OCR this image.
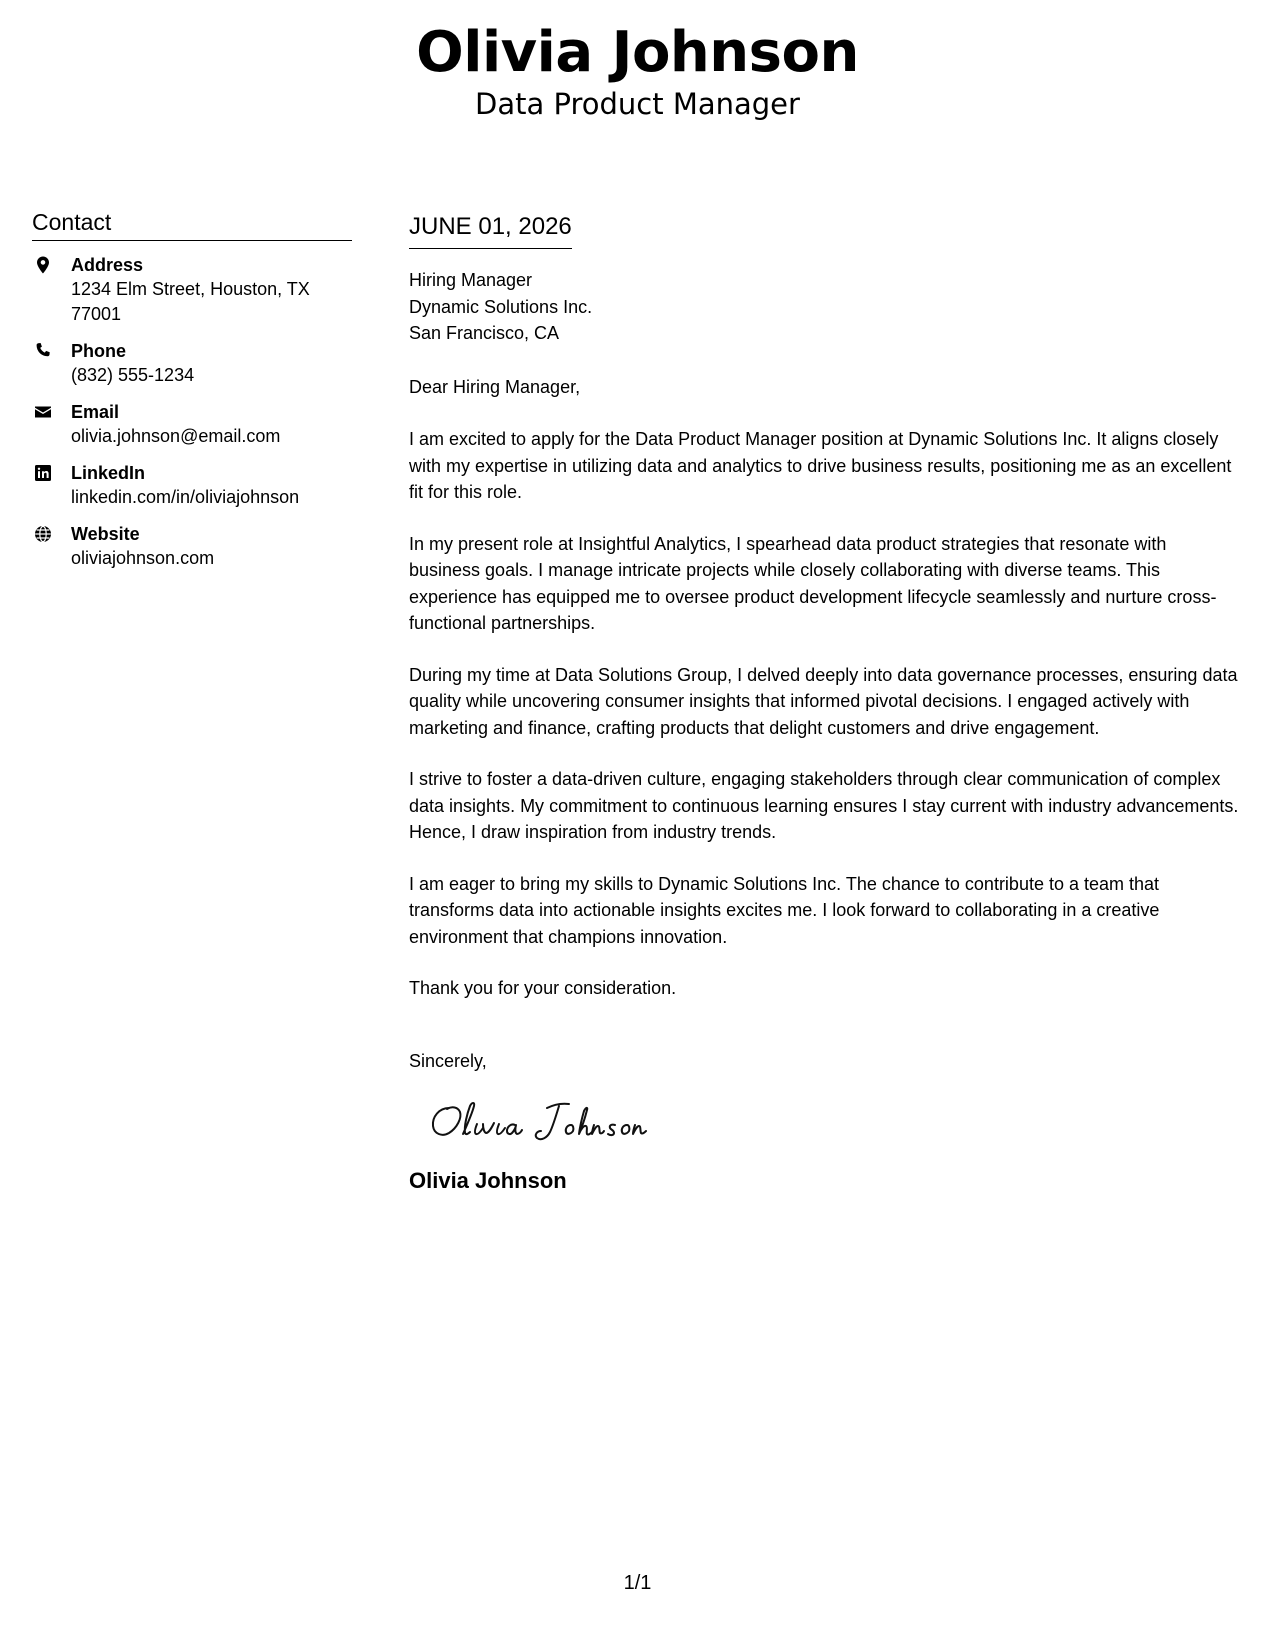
Olivia Johnson
Data Product Manager
Contact
Address
1234 Elm Street, Houston, TX 77001
Phone
(832) 555-1234
Email
olivia.johnson@email.com
LinkedIn
linkedin.com/in/oliviajohnson
Website
oliviajohnson.com
JUNE 01, 2026
Hiring Manager
Dynamic Solutions Inc.
San Francisco, CA
Dear Hiring Manager,
I am excited to apply for the Data Product Manager position at Dynamic Solutions Inc. It aligns closely with my expertise in utilizing data and analytics to drive business results, positioning me as an excellent fit for this role.
In my present role at Insightful Analytics, I spearhead data product strategies that resonate with business goals. I manage intricate projects while closely collaborating with diverse teams. This experience has equipped me to oversee product development lifecycle seamlessly and nurture cross-functional partnerships.
During my time at Data Solutions Group, I delved deeply into data governance processes, ensuring data quality while uncovering consumer insights that informed pivotal decisions. I engaged actively with marketing and finance, crafting products that delight customers and drive engagement.
I strive to foster a data-driven culture, engaging stakeholders through clear communication of complex data insights. My commitment to continuous learning ensures I stay current with industry advancements. Hence, I draw inspiration from industry trends.
I am eager to bring my skills to Dynamic Solutions Inc. The chance to contribute to a team that transforms data into actionable insights excites me. I look forward to collaborating in a creative environment that champions innovation.
Thank you for your consideration.
Sincerely,
Olivia Johnson
1/1
